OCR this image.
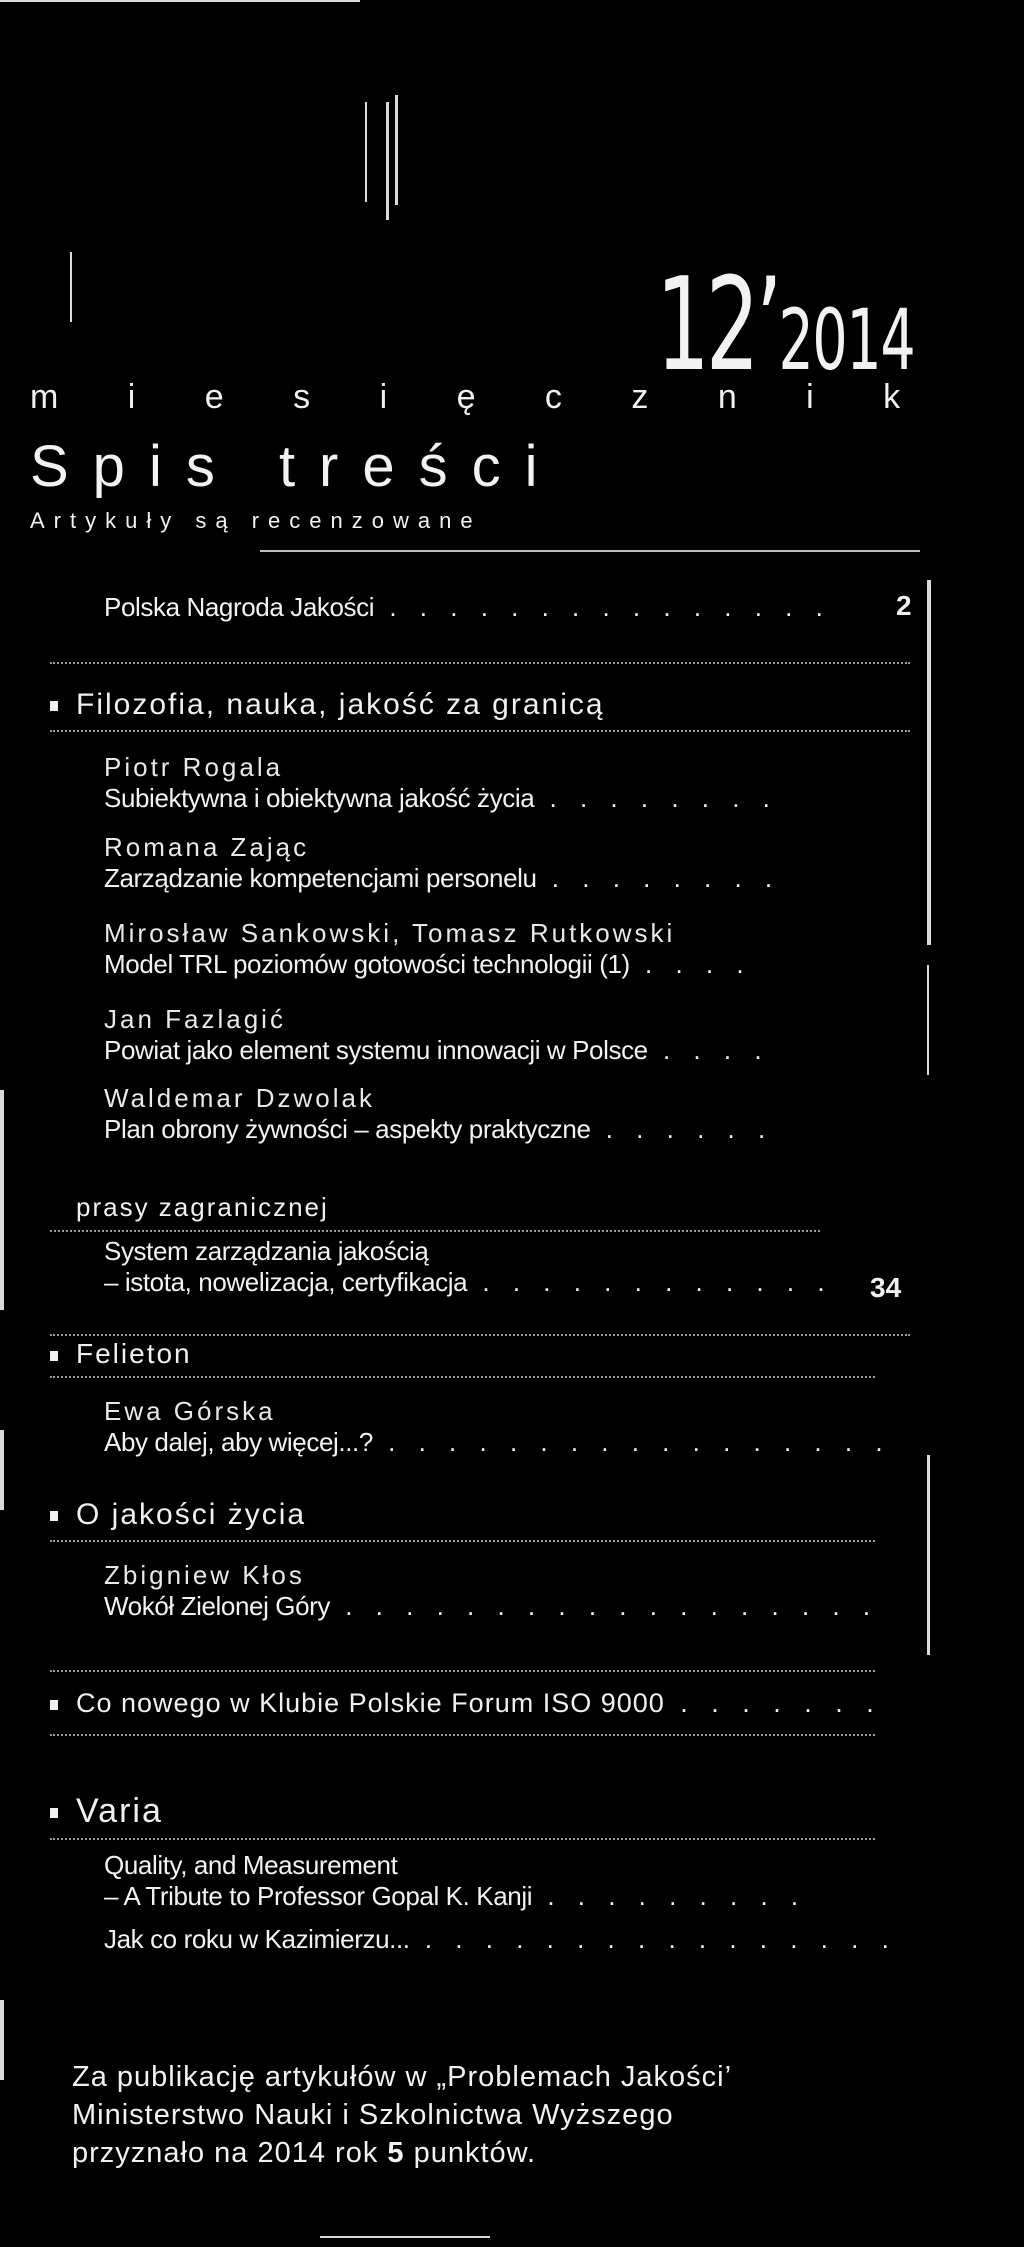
m i e s i ę c z n i k
12’2014
Spis treści
Artykuły są recenzowane
Polska Nagroda Jakości . . . . . . . . . . . . . . . 2
Filozofia, nauka, jakość za granicą
Piotr Rogala
Subiektywna i obiektywna jakość życia . . . . . . . .
Romana Zając
Zarządzanie kompetencjami personelu . . . . . . . .
Mirosław Sankowski, Tomasz Rutkowski
Model TRL poziomów gotowości technologii (1) . . . .
Jan Fazlagić
Powiat jako element systemu innowacji w Polsce . . . .
Waldemar Dzwolak
Plan obrony żywności – aspekty praktyczne . . . . . .
prasy zagranicznej
System zarządzania jakością
– istota, nowelizacja, certyfikacja . . . . . . . . . . . . 34
Felieton
Ewa Górska
Aby dalej, aby więcej...? . . . . . . . . . . . . . . . . .
O jakości życia
Zbigniew Kłos
Wokół Zielonej Góry . . . . . . . . . . . . . . . . . .
Co nowego w Klubie Polskie Forum ISO 9000 . . . . . . .
Varia
Quality, and Measurement
– A Tribute to Professor Gopal K. Kanji . . . . . . . . .
Jak co roku w Kazimierzu... . . . . . . . . . . . . . . . .
Za publikację artykułów w „Problemach Jakości’
Ministerstwo Nauki i Szkolnictwa Wyższego
przyznało na 2014 rok 5 punktów.
